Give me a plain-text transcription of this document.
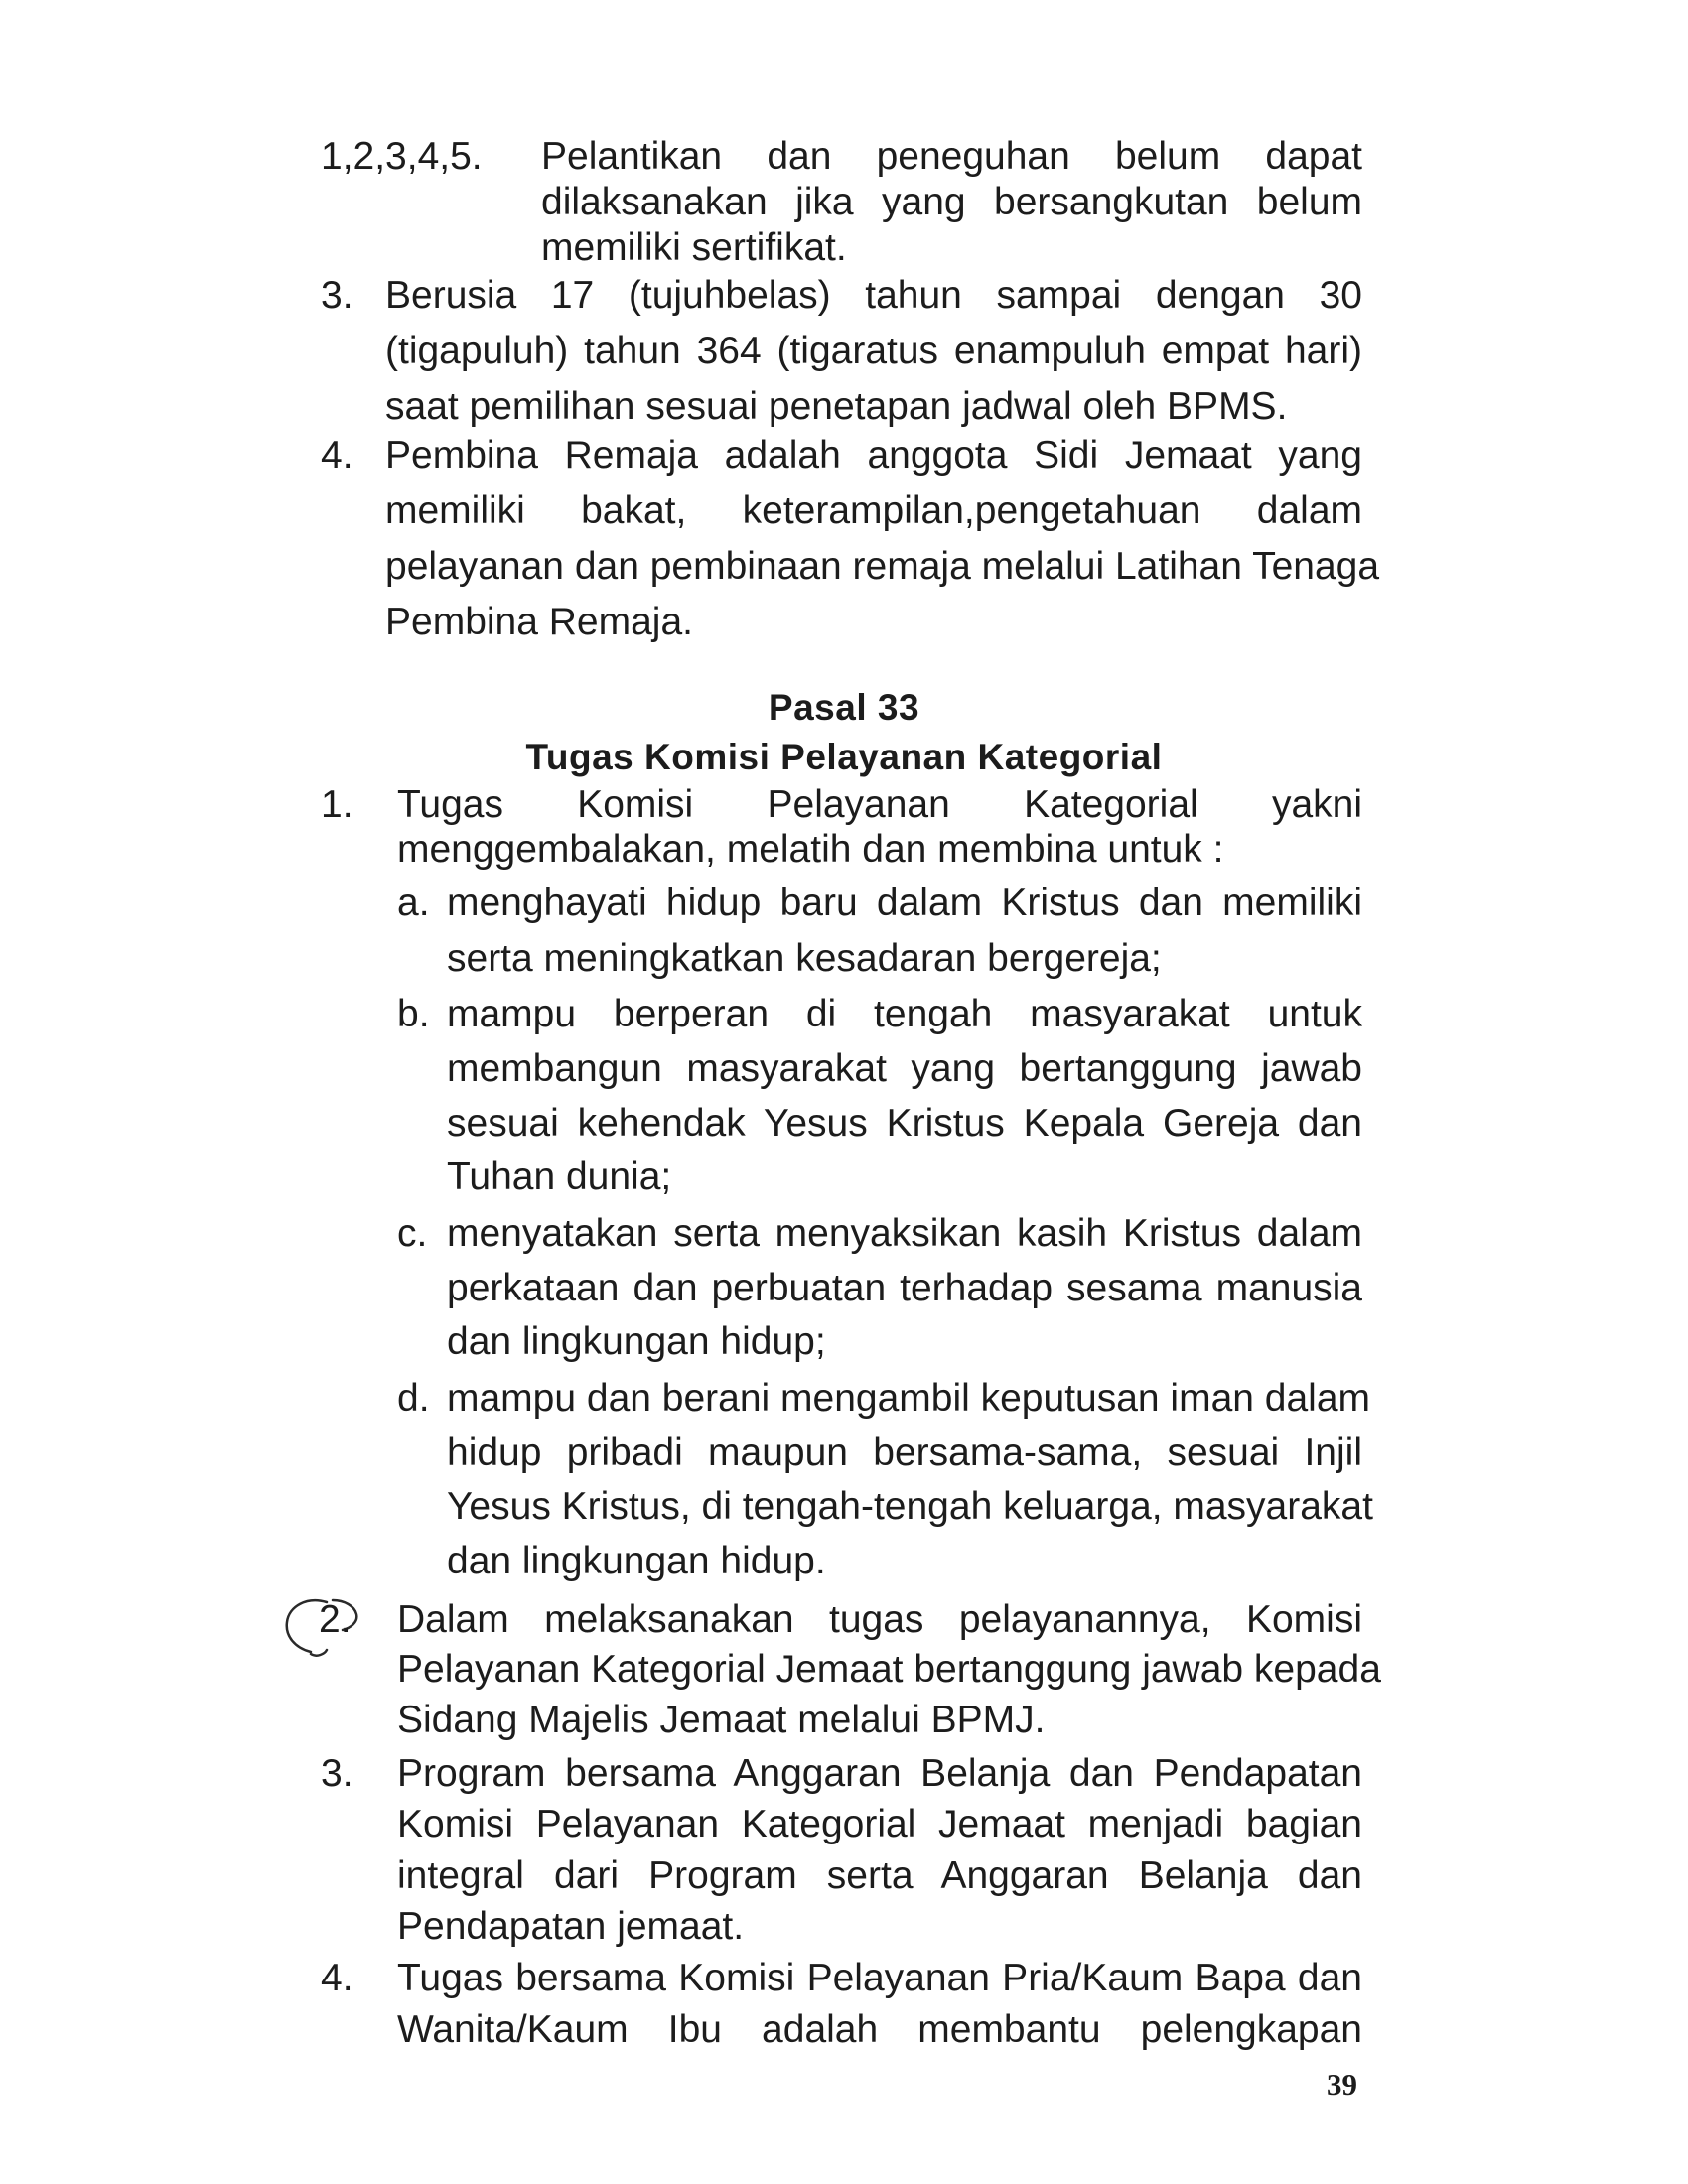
1,2,3,4,5. Pelantikan dan peneguhan belum dapat
dilaksanakan jika yang bersangkutan belum
memiliki sertifikat.
3. Berusia 17 (tujuhbelas) tahun sampai dengan 30
(tigapuluh) tahun 364 (tigaratus enampuluh empat hari)
saat pemilihan sesuai penetapan jadwal oleh BPMS.
4. Pembina Remaja adalah anggota Sidi Jemaat yang
memiliki bakat, keterampilan,pengetahuan dalam
pelayanan dan pembinaan remaja melalui Latihan Tenaga
Pembina Remaja.
Pasal 33
Tugas Komisi Pelayanan Kategorial
1. Tugas Komisi Pelayanan Kategorial yakni
menggembalakan, melatih dan membina untuk :
a. menghayati hidup baru dalam Kristus dan memiliki
serta meningkatkan kesadaran bergereja;
b. mampu berperan di tengah masyarakat untuk
membangun masyarakat yang bertanggung jawab
sesuai kehendak Yesus Kristus Kepala Gereja dan
Tuhan dunia;
c. menyatakan serta menyaksikan kasih Kristus dalam
perkataan dan perbuatan terhadap sesama manusia
dan lingkungan hidup;
d. mampu dan berani mengambil keputusan iman dalam
hidup pribadi maupun bersama-sama, sesuai Injil
Yesus Kristus, di tengah-tengah keluarga, masyarakat
dan lingkungan hidup.
2. Dalam melaksanakan tugas pelayanannya, Komisi
Pelayanan Kategorial Jemaat bertanggung jawab kepada
Sidang Majelis Jemaat melalui BPMJ.
3. Program bersama Anggaran Belanja dan Pendapatan
Komisi Pelayanan Kategorial Jemaat menjadi bagian
integral dari Program serta Anggaran Belanja dan
Pendapatan jemaat.
4. Tugas bersama Komisi Pelayanan Pria/Kaum Bapa dan
Wanita/Kaum Ibu adalah membantu pelengkapan
39
